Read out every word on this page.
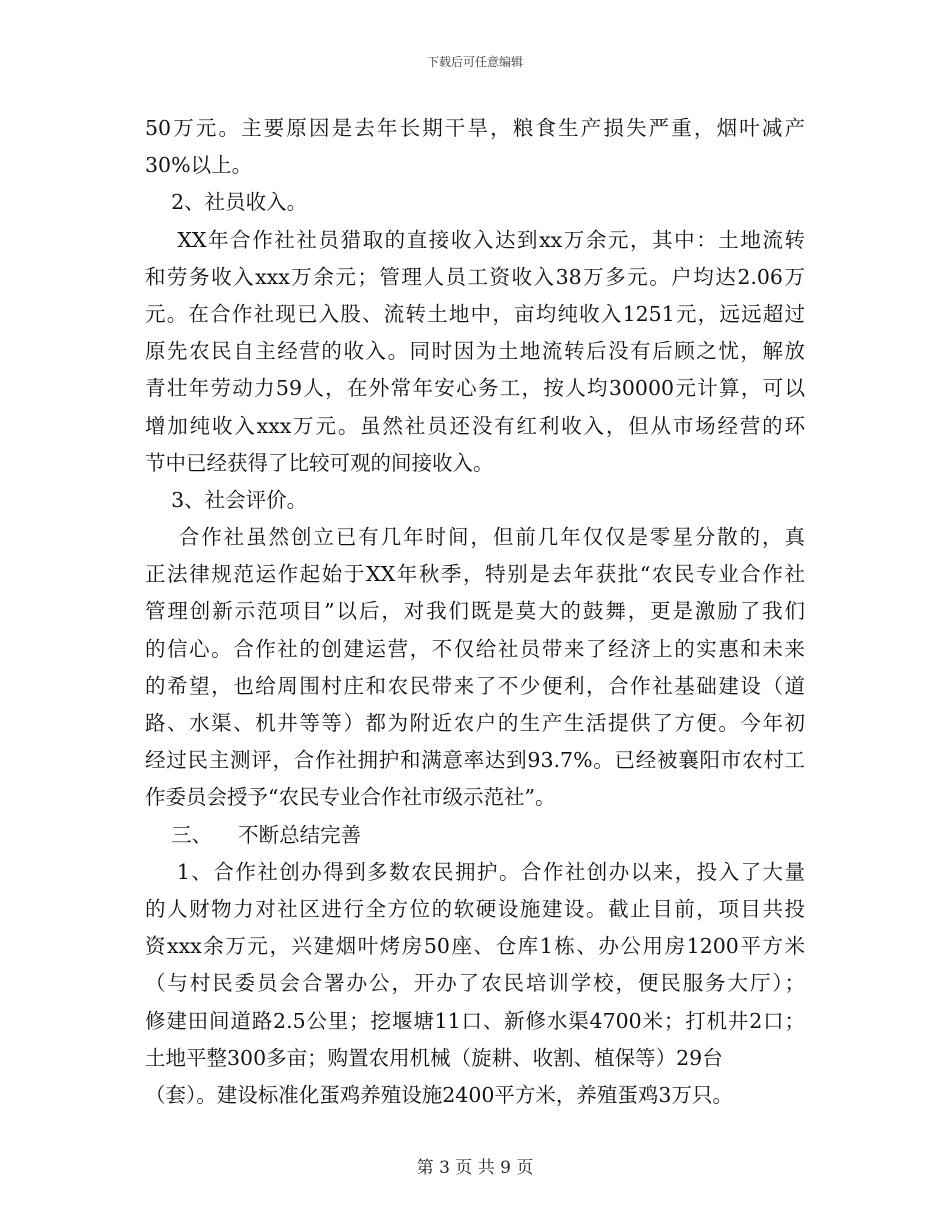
下载后可任意编辑
50万元。主要原因是去年长期干旱，粮食生产损失严重，烟叶减产
30%以上。
2、社员收入。
XX年合作社社员猎取的直接收入达到xx万余元，其中：土地流转
和劳务收入xxx万余元；管理人员工资收入38万多元。户均达2.06万
元。在合作社现已入股、流转土地中，亩均纯收入1251元，远远超过
原先农民自主经营的收入。同时因为土地流转后没有后顾之忧，解放
青壮年劳动力59人，在外常年安心务工，按人均30000元计算，可以
增加纯收入xxx万元。虽然社员还没有红利收入，但从市场经营的环
节中已经获得了比较可观的间接收入。
3、社会评价。
合作社虽然创立已有几年时间，但前几年仅仅是零星分散的，真
正法律规范运作起始于XX年秋季，特别是去年获批“农民专业合作社
管理创新示范项目”以后，对我们既是莫大的鼓舞，更是激励了我们
的信心。合作社的创建运营，不仅给社员带来了经济上的实惠和未来
的希望，也给周围村庄和农民带来了不少便利，合作社基础建设（道
路、水渠、机井等等）都为附近农户的生产生活提供了方便。今年初
经过民主测评，合作社拥护和满意率达到93.7%。已经被襄阳市农村工
作委员会授予“农民专业合作社市级示范社”。
三、    不断总结完善
1、合作社创办得到多数农民拥护。合作社创办以来，投入了大量
的人财物力对社区进行全方位的软硬设施建设。截止目前，项目共投
资xxx余万元，兴建烟叶烤房50座、仓库1栋、办公用房1200平方米
（与村民委员会合署办公，开办了农民培训学校，便民服务大厅）；
修建田间道路2.5公里；挖堰塘11口、新修水渠4700米；打机井2口；
土地平整300多亩；购置农用机械（旋耕、收割、植保等）29台
（套）。建设标准化蛋鸡养殖设施2400平方米，养殖蛋鸡3万只。
第 3 页 共 9 页
